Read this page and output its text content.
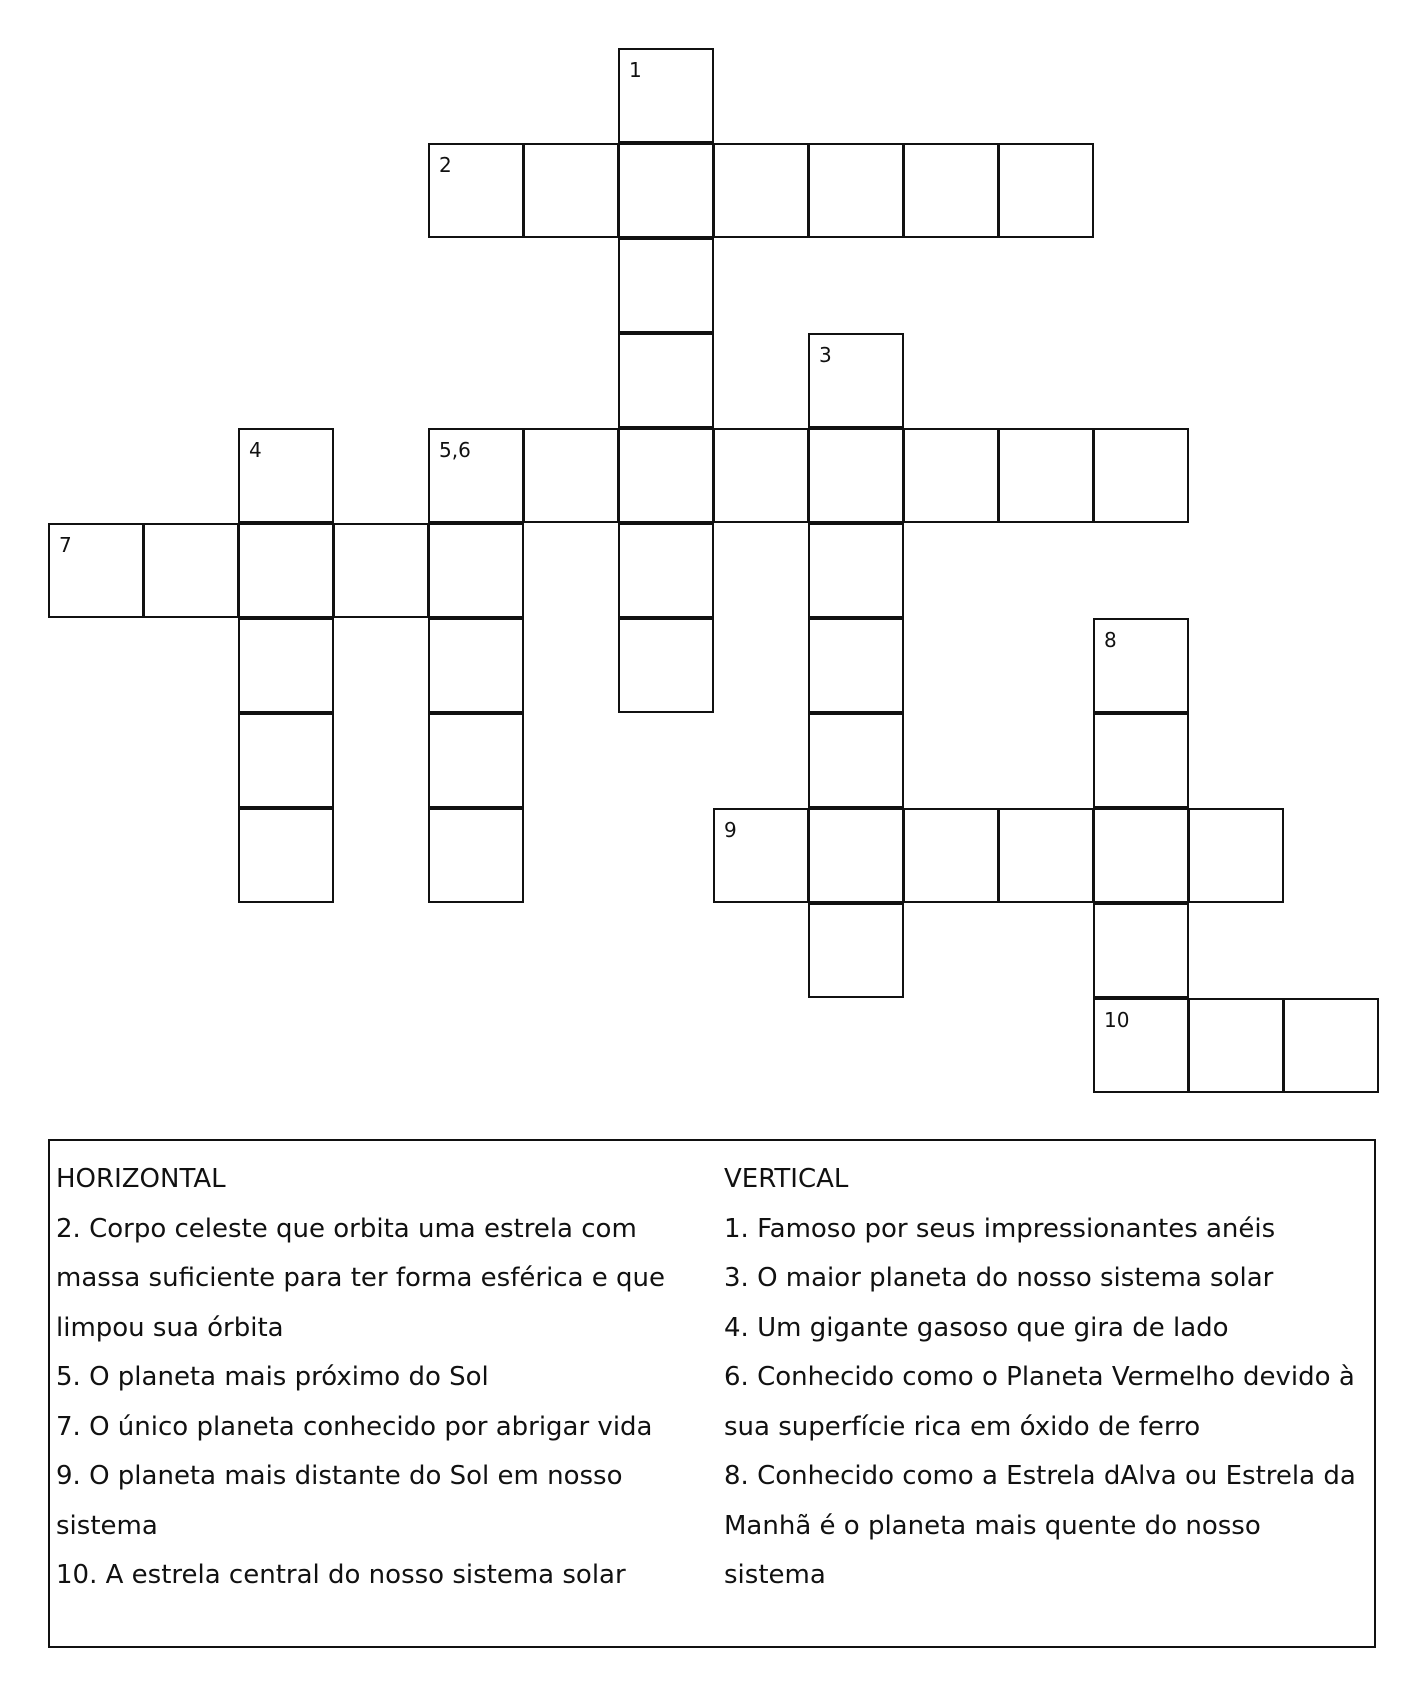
1
2
3
4	5,6
7
8
10
9
HORIZONTAL
2. Corpo celeste que orbita uma estrela com massa suficiente para ter forma esférica e que limpou sua órbita
5. O planeta mais próximo do Sol
7. O único planeta conhecido por abrigar vida
9. O planeta mais distante do Sol em nosso sistema
10. A estrela central do nosso sistema solar
VERTICAL
1. Famoso por seus impressionantes anéis
3. O maior planeta do nosso sistema solar
4. Um gigante gasoso que gira de lado
6. Conhecido como o Planeta Vermelho devido à sua superfície rica em óxido de ferro
8. Conhecido como a Estrela dAlva ou Estrela da Manhã é o planeta mais quente do nosso sistema
